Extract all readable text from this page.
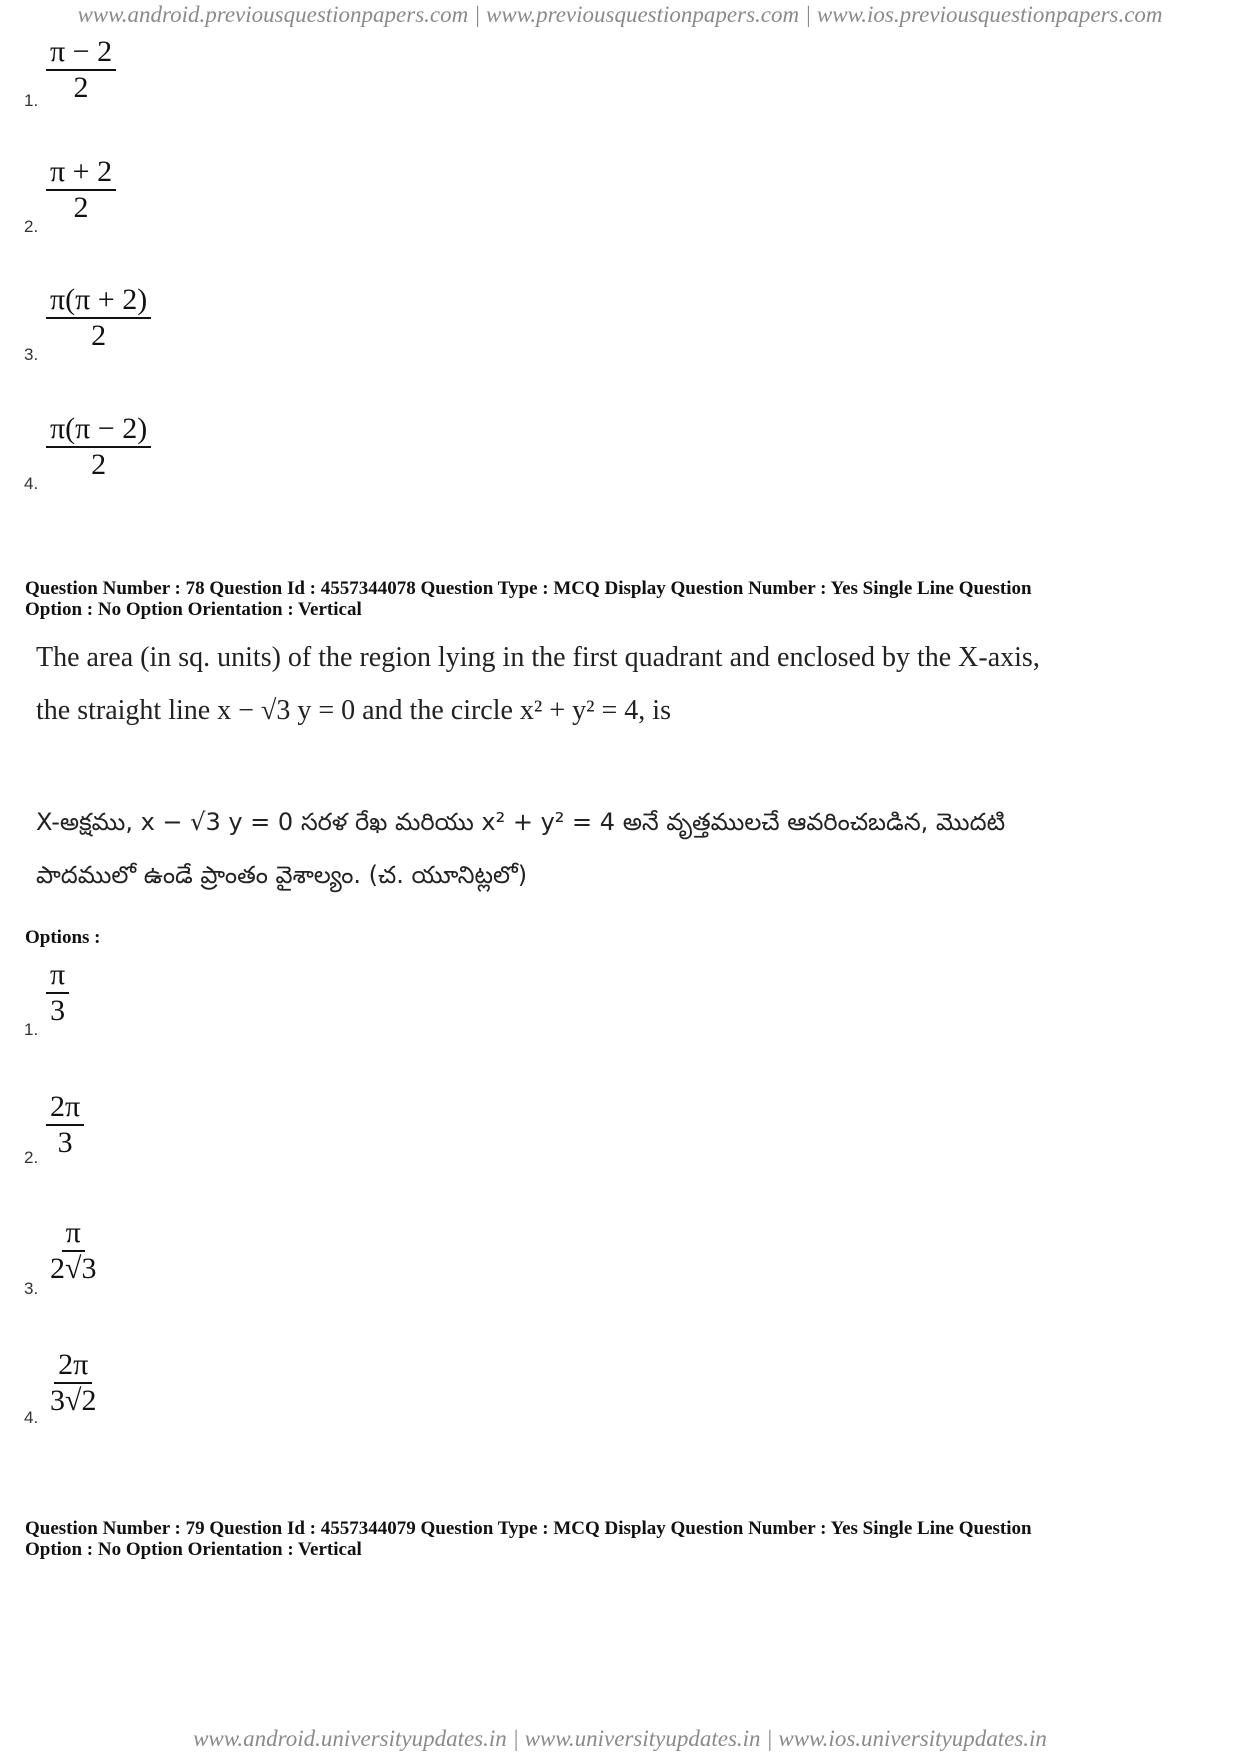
www.android.previousquestionpapers.com | www.previousquestionpapers.com | www.ios.previousquestionpapers.com
1. $\frac{\pi - 2}{2}$
2.
$\frac{\pi + 2}{2}$
3.
$\frac{\pi(\pi + 2)}{2}$
4.
$\frac{\pi(\pi - 2)}{2}$
Question Number : 78 Question Id : 4557344078 Question Type : MCQ Display Question Number : Yes Single Line Question
Option : No Option Orientation : Vertical
The area (in sq. units) of the region lying in the first quadrant and enclosed by the X-axis,
the straight line x − √3 y = 0 and the circle x² + y² = 4, is
X-అక్షము, x − √3 y = 0 సరళ రేఖ మరియు x² + y² = 4 అనే వృత్తములచే ఆవరించబడిన, మొదటి
పాదములో ఉండే ప్రాంతం వైశాల్యం. (చ. యూనిట్లలో)
Options :
1.
$\frac{\pi}{3}$
2. $\frac{2\pi}{3}$
3.
$\frac{\pi}{2√3}$
4.
$\frac{2\pi}{3√2}$
Question Number : 79 Question Id : 4557344079 Question Type : MCQ Display Question Number : Yes Single Line Question
Option : No Option Orientation : Vertical
www.android.universityupdates.in | www.universityupdates.in | www.ios.universityupdates.in
